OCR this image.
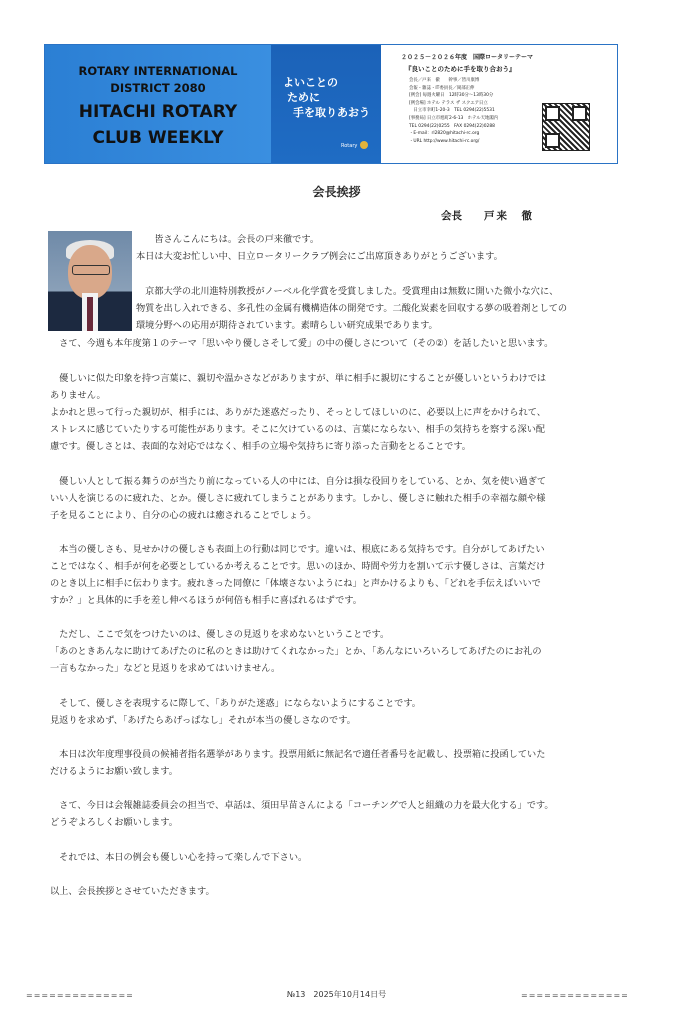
ROTARY INTERNATIONAL
DISTRICT 2080
HITACHI ROTARY
CLUB WEEKLY
よいことの
ために
手を取りあおう
Rotary
２０２５－２０２６年度　国際ロータリーテーマ
『良いことのために手を取り合おう』
会長／戸来　徹　　幹事／皆川康博
会報・雑誌・IT委員長／岡部正伸
[例会] 毎週火曜日　12時30分～13時30分
[例会場] ホテル テラス ザ スクエア日立
　日立市幸町1-20-3　TEL 0294(22)5531
[事務局] 日立市旭町2-6-13　ホテル天地閣内
TEL 0294(22)0255　FAX 0294(22)0288
・E-mail：rl2820@hitachi-rc.org
・URL http://www.hitachi-rc.org/
会長挨拶
会長 戸来　徹
　　皆さんこんにちは。会長の戸来徹です。
本日は大変お忙しい中、日立ロータリークラブ例会にご出席頂きありがとうございます。
　京都大学の北川進特別教授がノーベル化学賞を受賞しました。受賞理由は無数に開いた微小な穴に、
物質を出し入れできる、多孔性の金属有機構造体の開発です。二酸化炭素を回収する夢の吸着剤としての
環境分野への応用が期待されています。素晴らしい研究成果であります。
　さて、今週も本年度第１のテーマ「思いやり優しさそして愛」の中の優しさについて（その②）を話したいと思います。
　優しいに似た印象を持つ言葉に、親切や温かさなどがありますが、単に相手に親切にすることが優しいというわけでは
ありません。
よかれと思って行った親切が、相手には、ありがた迷惑だったり、そっとしてほしいのに、必要以上に声をかけられて、
ストレスに感じていたりする可能性があります。そこに欠けているのは、言葉にならない、相手の気持ちを察する深い配
慮です。優しさとは、表面的な対応ではなく、相手の立場や気持ちに寄り添った言動をとることです。
　優しい人として振る舞うのが当たり前になっている人の中には、自分は損な役回りをしている、とか、気を使い過ぎて
いい人を演じるのに疲れた、とか。優しさに疲れてしまうことがあります。しかし、優しさに触れた相手の幸福な顔や様
子を見ることにより、自分の心の疲れは癒されることでしょう。
　本当の優しさも、見せかけの優しさも表面上の行動は同じです。違いは、根底にある気持ちです。自分がしてあげたい
ことではなく、相手が何を必要としているか考えることです。思いのほか、時間や労力を割いて示す優しさは、言葉だけ
のとき以上に相手に伝わります。疲れきった同僚に「体壊さないようにね」と声かけるよりも、「どれを手伝えばいいで
すか？」と具体的に手を差し伸べるほうが何倍も相手に喜ばれるはずです。
　ただし、ここで気をつけたいのは、優しさの見返りを求めないということです。
「あのときあんなに助けてあげたのに私のときは助けてくれなかった」とか、「あんなにいろいろしてあげたのにお礼の
一言もなかった」などと見返りを求めてはいけません。
　そして、優しさを表現するに際して、「ありがた迷惑」にならないようにすることです。
見返りを求めず、「あげたらあげっぱなし」それが本当の優しさなのです。
　本日は次年度理事役員の候補者指名選挙があります。投票用紙に無記名で適任者番号を記載し、投票箱に投函していた
だけるようにお願い致します。
　さて、今日は会報雑誌委員会の担当で、卓話は、須田早苗さんによる「コーチングで人と組織の力を最大化する」です。
どうぞよろしくお願いします。
　それでは、本日の例会も優しい心を持って楽しんで下さい。
以上、会長挨拶とさせていただきます。
==============	№13　2025年10月14日号	==============
